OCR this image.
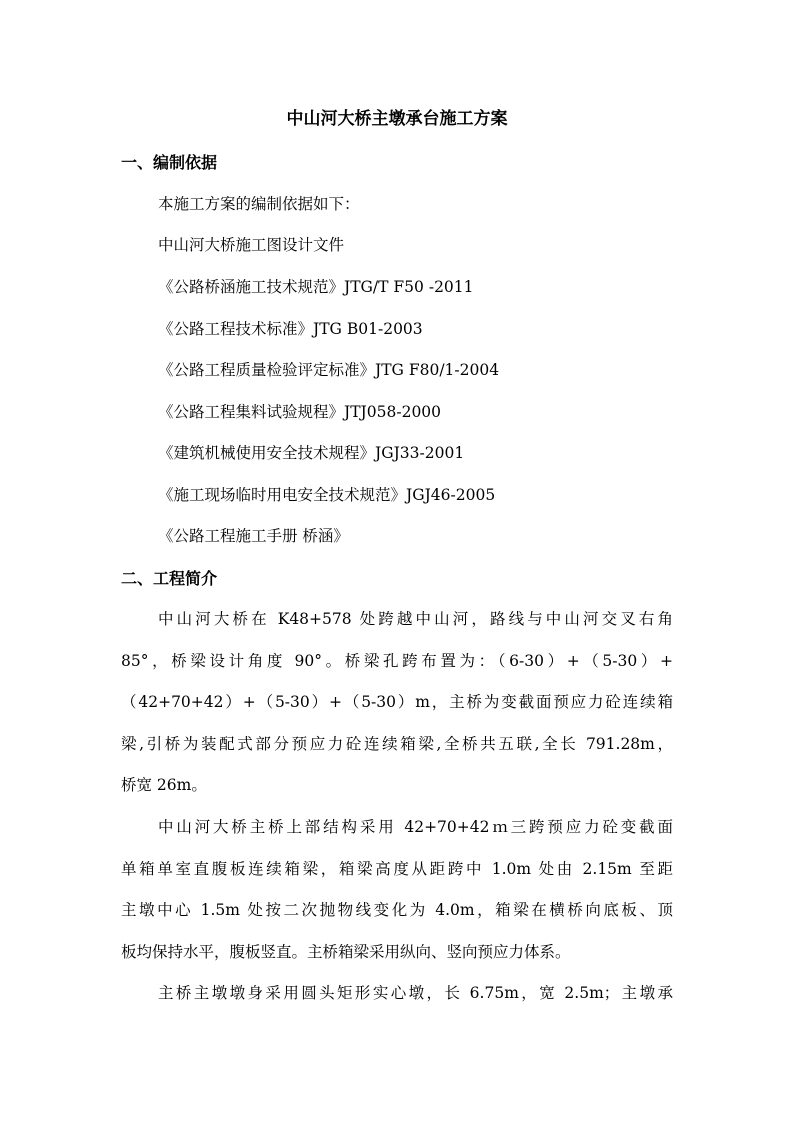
中山河大桥主墩承台施工方案
一、编制依据
本施工方案的编制依据如下：
中山河大桥施工图设计文件
《公路桥涵施工技术规范》JTG/T F50 -2011
《公路工程技术标准》JTG B01-2003
《公路工程质量检验评定标准》JTG F80/1-2004
《公路工程集料试验规程》JTJ058-2000
《建筑机械使用安全技术规程》JGJ33-2001
《施工现场临时用电安全技术规范》JGJ46-2005
《公路工程施工手册 桥涵》
二、工程简介
中山河大桥在 K48+578 处跨越中山河，路线与中山河交叉右角
85°，桥梁设计角度 90°。桥梁孔跨布置为：（6-30）+（5-30）+
（42+70+42）+（5-30）+（5-30）m，主桥为变截面预应力砼连续箱
梁,引桥为装配式部分预应力砼连续箱梁,全桥共五联,全长 791.28m，
桥宽 26m。
中山河大桥主桥上部结构采用 42+70+42ｍ三跨预应力砼变截面
单箱单室直腹板连续箱梁，箱梁高度从距跨中 1.0m 处由 2.15m 至距
主墩中心 1.5m 处按二次抛物线变化为 4.0m，箱梁在横桥向底板、顶
板均保持水平，腹板竖直。主桥箱梁采用纵向、竖向预应力体系。
主桥主墩墩身采用圆头矩形实心墩，长 6.75m，宽 2.5m；主墩承
